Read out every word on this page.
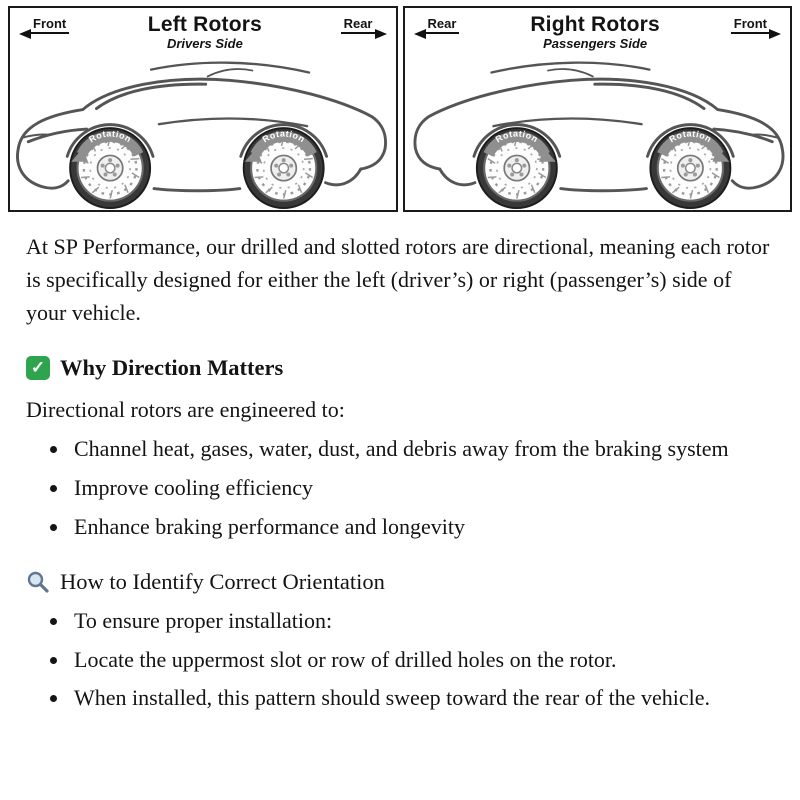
Front	Left Rotors
Drivers Side
Rear	Rear	Right Rotors
Passengers Side
Front

At SP Performance, our drilled and slotted rotors are directional, meaning each rotor is specifically designed for either the left (driver’s) or right (passenger’s) side of your vehicle.

✓
Why Direction Matters

Directional rotors are engineered to:

• Channel heat, gases, water, dust, and debris away from the braking system
• Improve cooling efficiency
• Enhance braking performance and longevity
How to Identify Correct Orientation
• To ensure proper installation:
• Locate the uppermost slot or row of drilled holes on the rotor.
• When installed, this pattern should sweep toward the rear of the vehicle.
